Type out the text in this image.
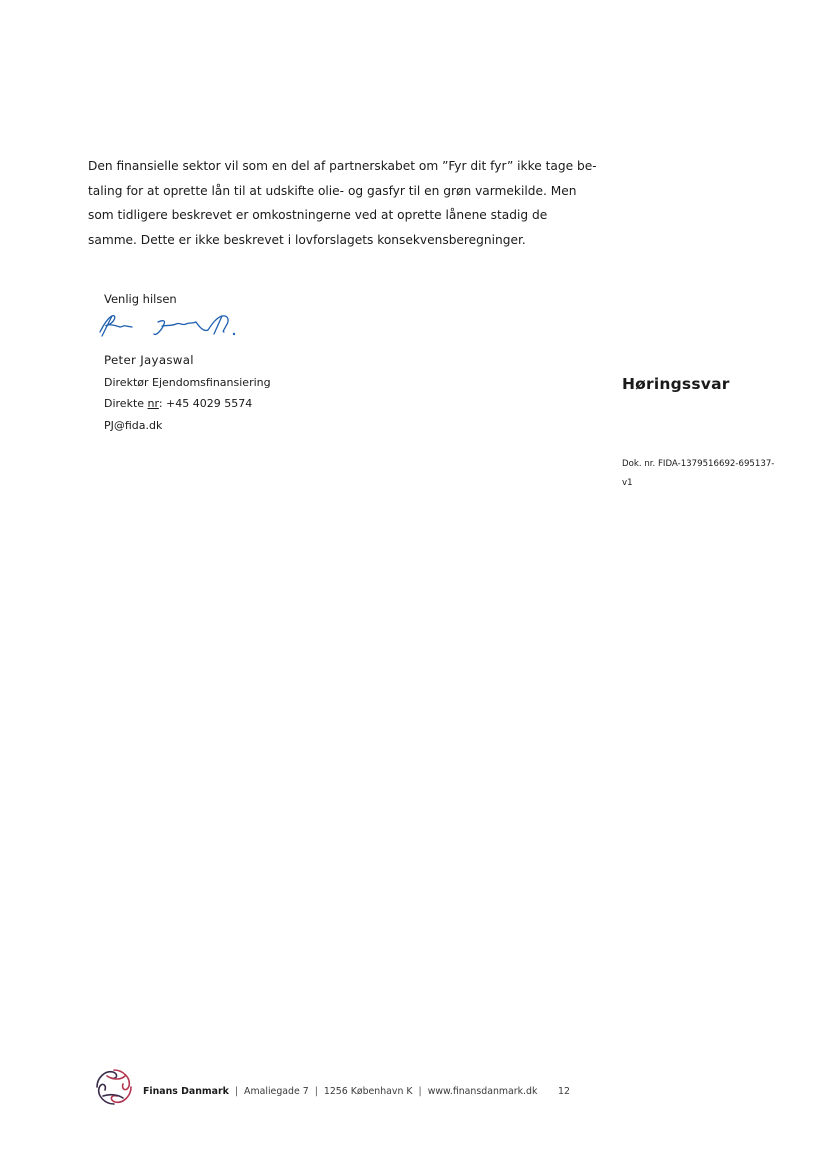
Den finansielle sektor vil som en del af partnerskabet om ”Fyr dit fyr” ikke tage be-
taling for at oprette lån til at udskifte olie- og gasfyr til en grøn varmekilde. Men
som tidligere beskrevet er omkostningerne ved at oprette lånene stadig de
samme. Dette er ikke beskrevet i lovforslagets konsekvensberegninger.

Venlig hilsen
Peter Jayaswal
Direktør Ejendomsfinansiering
Direkte nr: +45 4029 5574
PJ@fida.dk
Høringssvar
Dok. nr. FIDA-1379516692-695137-
v1
Finans Danmark | Amaliegade 7 | 1256 København K | www.finansdanmark.dk 12
